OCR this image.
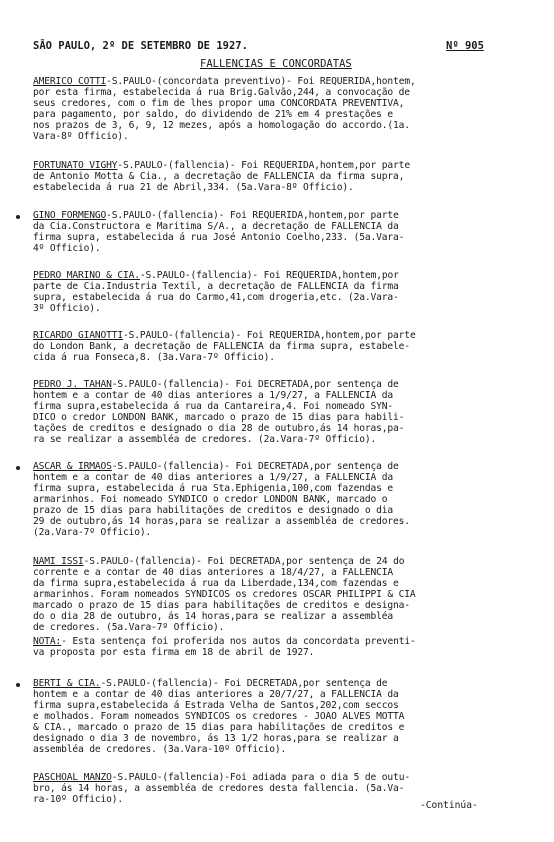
SÃO PAULO, 2º DE SETEMBRO DE 1927.	Nº 905
FALLENCIAS E CONCORDATAS

AMERICO COTTI-S.PAULO-(concordata preventivo)- Foi REQUERIDA,hontem,

por esta firma, estabelecida á rua Brig.Galvão,244, a convocação de

seus credores, com o fim de lhes propor uma CONCORDATA PREVENTIVA,

para pagamento, por saldo, do dividendo de 21% em 4 prestações e

nos prazos de 3, 6, 9, 12 mezes, após a homologação do accordo.(1a.

Vara-8º Officio).

FORTUNATO VIGHY-S.PAULO-(fallencia)- Foi REQUERIDA,hontem,por parte

de Antonio Motta & Cia., a decretação de FALLENCIA da firma supra,

estabelecida á rua 21 de Abril,334. (5a.Vara-8º Officio).

GINO FORMENGO-S.PAULO-(fallencia)- Foi REQUERIDA,hontem,por parte

da Cia.Constructora e Maritima S/A., a decretação de FALLENCIA da

firma supra, estabelecida á rua José Antonio Coelho,233. (5a.Vara-

4º Officio).

PEDRO MARINO & CIA.-S.PAULO-(fallencia)- Foi REQUERIDA,hontem,por

parte de Cia.Industria Textil, a decretação de FALLENCIA da firma

supra, estabelecida á rua do Carmo,41,com drogeria,etc. (2a.Vara-

3º Officio).

RICARDO GIANOTTI-S.PAULO-(fallencia)- Foi REQUERIDA,hontem,por parte

do London Bank, a decretação de FALLENCIA da firma supra, estabele-

cida á rua Fonseca,8. (3a.Vara-7º Officio).

PEDRO J. TAHAN-S.PAULO-(fallencia)- Foi DECRETADA,por sentença de

hontem e a contar de 40 dias anteriores a 1/9/27, a FALLENCIA da

firma supra,estabelecida á rua da Cantareira,4. Foi nomeado SYN-

DICO o credor LONDON BANK, marcado o prazo de 15 dias para habili-

tações de creditos e designado o dia 28 de outubro,ás 14 horas,pa-

ra se realizar a assembléa de credores. (2a.Vara-7º Officio).

ASCAR & IRMÃOS-S.PAULO-(fallencia)- Foi DECRETADA,por sentença de

hontem e a contar de 40 dias anteriores a 1/9/27, a FALLENCIA da

firma supra, estabelecida á rua Sta.Ephigenia,100,com fazendas e

armarinhos. Foi nomeado SYNDICO o credor LONDON BANK, marcado o

prazo de 15 dias para habilitações de creditos e designado o dia

29 de outubro,ás 14 horas,para se realizar a assembléa de credores.

(2a.Vara-7º Officio).

NAMI ISSI-S.PAULO-(fallencia)- Foi DECRETADA,por sentença de 24 do

corrente e a contar de 40 dias anteriores a 18/4/27, a FALLENCIA

da firma supra,estabelecida á rua da Liberdade,134,com fazendas e

armarinhos. Foram nomeados SYNDICOS os credores OSCAR PHILIPPI & CIA

marcado o prazo de 15 dias para habilitações de creditos e designa-

do o dia 28 de outubro, ás 14 horas,para se realizar a assembléa

de credores. (5a.Vara-7º Officio).

NOTA:- Esta sentença foi proferida nos autos da concordata preventi-

va proposta por esta firma em 18 de abril de 1927.

BERTI & CIA.-S.PAULO-(fallencia)- Foi DECRETADA,por sentença de

hontem e a contar de 40 dias anteriores a 20/7/27, a FALLENCIA da

firma supra,estabelecida á Estrada Velha de Santos,202,com seccos

e molhados. Foram nomeados SYNDICOS os credores - JOÃO ALVES MOTTA

& CIA., marcado o prazo de 15 dias para habilitações de creditos e

designado o dia 3 de novembro, ás 13 1/2 horas,para se realizar a

assembléa de credores. (3a.Vara-10º Officio).

PASCHOAL MANZO-S.PAULO-(fallencia)-Foi adiada para o dia 5 de outu-

bro, ás 14 horas, a assembléa de credores desta fallencia. (5a.Va-

ra-10º Officio).

-Continúa-
